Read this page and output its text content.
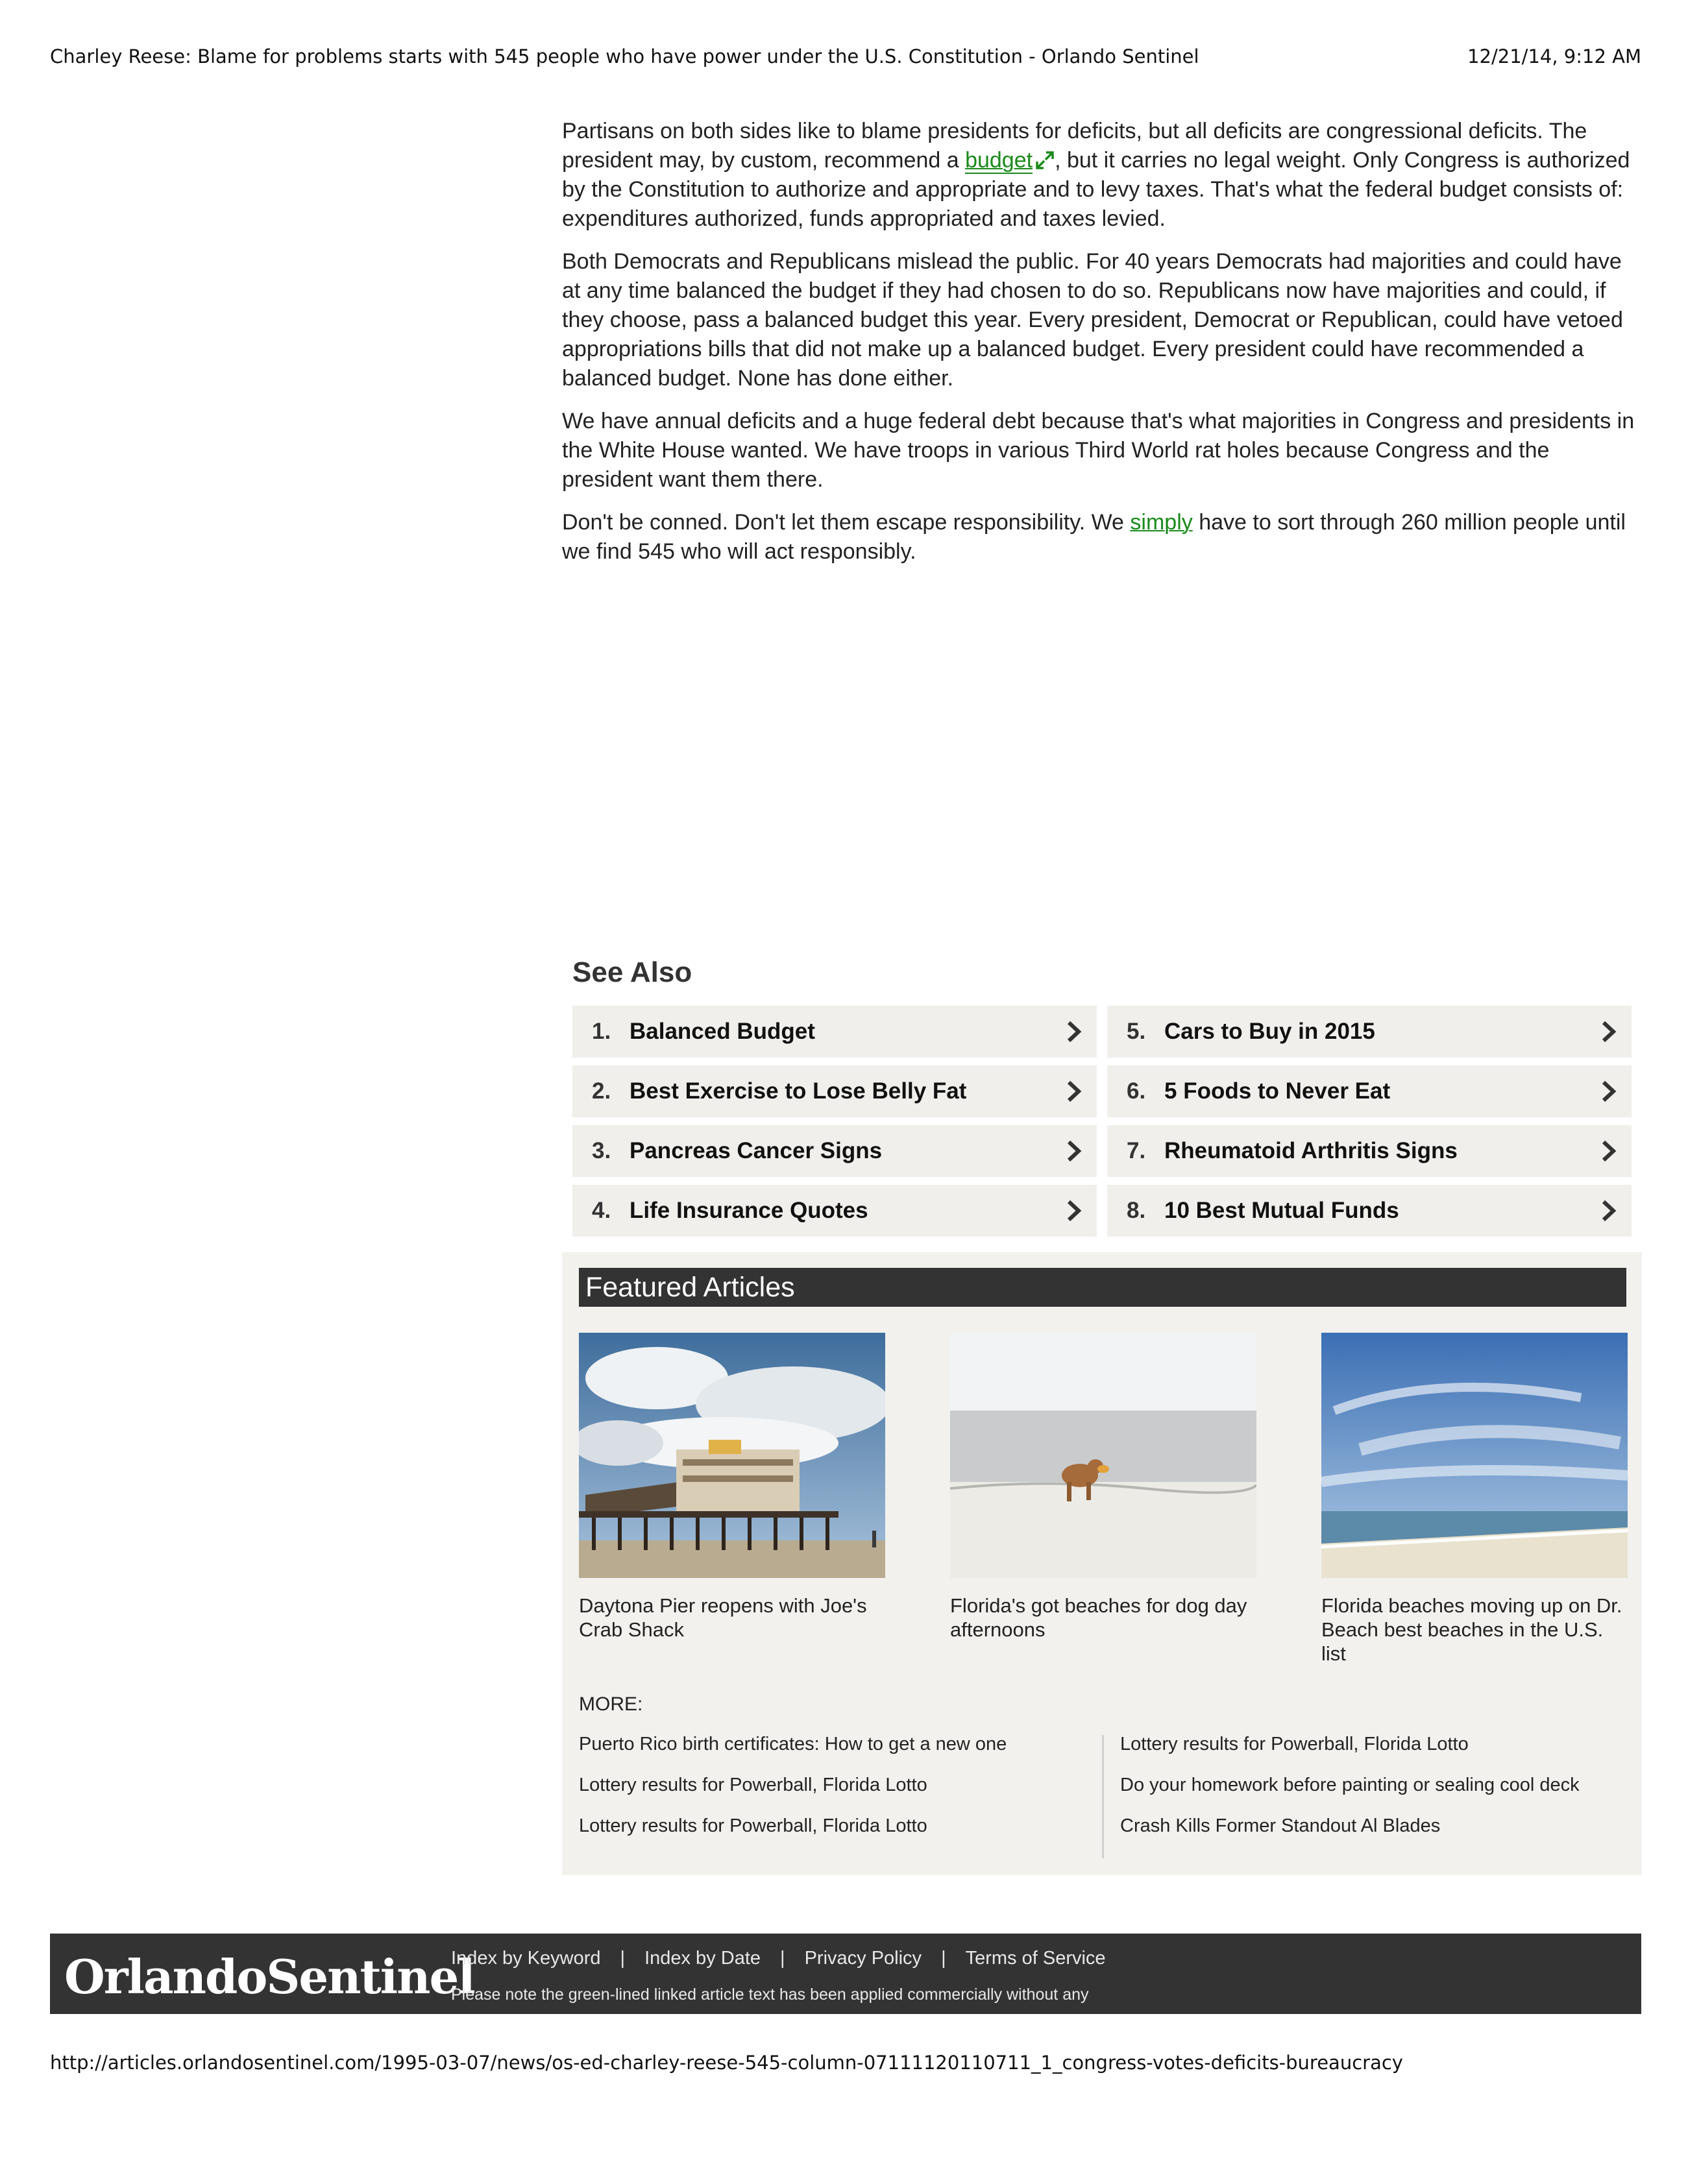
Charley Reese: Blame for problems starts with 545 people who have power under the U.S. Constitution - Orlando Sentinel	12/21/14, 9:12 AM

Partisans on both sides like to blame presidents for deficits, but all deficits are congressional deficits. The president may, by custom, recommend a budget , but it carries no legal weight. Only Congress is authorized by the Constitution to authorize and appropriate and to levy taxes. That's what the federal budget consists of: expenditures authorized, funds appropriated and taxes levied.

Both Democrats and Republicans mislead the public. For 40 years Democrats had majorities and could have at any time balanced the budget if they had chosen to do so. Republicans now have majorities and could, if they choose, pass a balanced budget this year. Every president, Democrat or Republican, could have vetoed appropriations bills that did not make up a balanced budget. Every president could have recommended a balanced budget. None has done either.

We have annual deficits and a huge federal debt because that's what majorities in Congress and presidents in the White House wanted. We have troops in various Third World rat holes because Congress and the president want them there.

Don't be conned. Don't let them escape responsibility. We simply have to sort through 260 million people until we find 545 who will act responsibly.

See Also
1. Balanced Budget
2. Best Exercise to Lose Belly Fat
3. Pancreas Cancer Signs
4. Life Insurance Quotes
5. Cars to Buy in 2015
6. 5 Foods to Never Eat
7. Rheumatoid Arthritis Signs
8. 10 Best Mutual Funds
Featured Articles
Daytona Pier reopens with Joe's Crab Shack
Florida's got beaches for dog day afternoons
Florida beaches moving up on Dr. Beach best beaches in the U.S. list
MORE:
Puerto Rico birth certificates: How to get a new one
Lottery results for Powerball, Florida Lotto
Lottery results for Powerball, Florida Lotto
Lottery results for Powerball, Florida Lotto
Do your homework before painting or sealing cool deck
Crash Kills Former Standout Al Blades
OrlandoSentinel
Index by Keyword | Index by Date | Privacy Policy | Terms of Service
Please note the green-lined linked article text has been applied commercially without any
http://articles.orlandosentinel.com/1995-03-07/news/os-ed-charley-reese-545-column-07111120110711_1_congress-votes-deficits-bureaucracy
